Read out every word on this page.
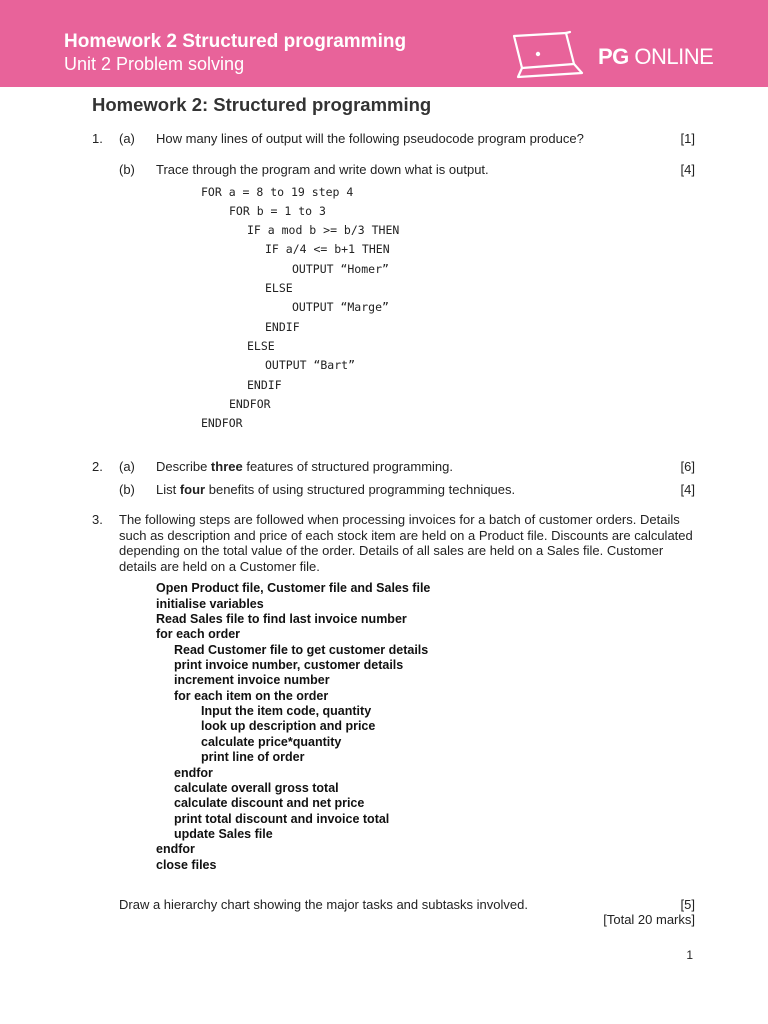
Homework 2 Structured programming
Unit 2 Problem solving	PG ONLINE
Homework 2: Structured programming
1. (a) How many lines of output will the following pseudocode program produce?	[1]
(b) Trace through the program and write down what is output.	[4]
FOR a = 8 to 19 step 4
FOR b = 1 to 3
IF a mod b >= b/3 THEN
IF a/4 <= b+1 THEN
OUTPUT “Homer”
ELSE
OUTPUT “Marge”
ENDIF
ELSE
OUTPUT “Bart”
ENDIF
ENDFOR
ENDFOR
2. (a) Describe three features of structured programming.	[6]
(b) List four benefits of using structured programming techniques.	[4]
3. The following steps are followed when processing invoices for a batch of customer orders. Details such as description and price of each stock item are held on a Product file. Discounts are calculated depending on the total value of the order. Details of all sales are held on a Sales file. Customer details are held on a Customer file.
Open Product file, Customer file and Sales file
initialise variables
Read Sales file to find last invoice number
for each order
Read Customer file to get customer details
print invoice number, customer details
increment invoice number
for each item on the order
Input the item code, quantity
look up description and price
calculate price*quantity
print line of order
endfor
calculate overall gross total
calculate discount and net price
print total discount and invoice total
update Sales file
endfor
close files
Draw a hierarchy chart showing the major tasks and subtasks involved.	[5]
[Total 20 marks]
1
